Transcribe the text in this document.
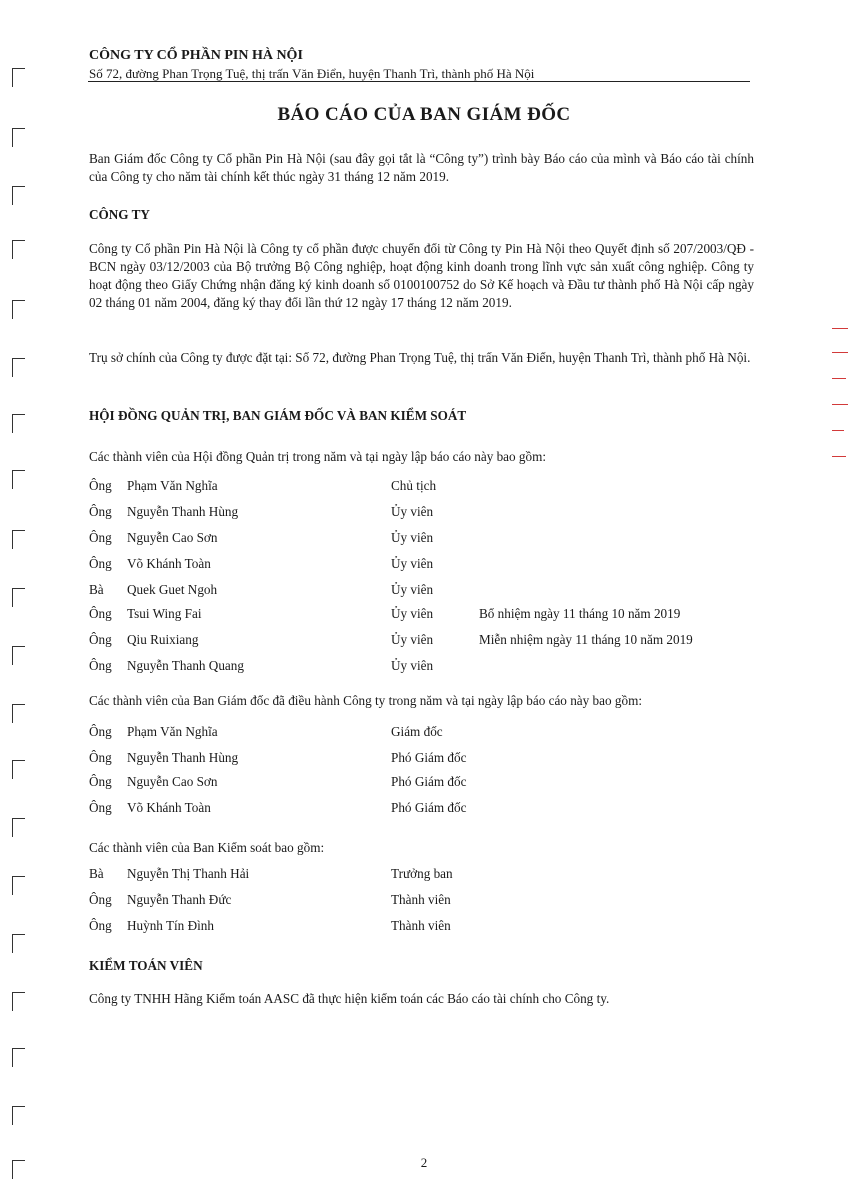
CÔNG TY CỔ PHẦN PIN HÀ NỘI
Số 72, đường Phan Trọng Tuệ, thị trấn Văn Điển, huyện Thanh Trì, thành phố Hà Nội
BÁO CÁO CỦA BAN GIÁM ĐỐC
Ban Giám đốc Công ty Cổ phần Pin Hà Nội (sau đây gọi tắt là “Công ty”) trình bày Báo cáo của mình và Báo cáo tài chính của Công ty cho năm tài chính kết thúc ngày 31 tháng 12 năm 2019.
CÔNG TY
Công ty Cổ phần Pin Hà Nội là Công ty cổ phần được chuyển đổi từ Công ty Pin Hà Nội theo Quyết định số 207/2003/QĐ - BCN ngày 03/12/2003 của Bộ trưởng Bộ Công nghiệp, hoạt động kinh doanh trong lĩnh vực sản xuất công nghiệp. Công ty hoạt động theo Giấy Chứng nhận đăng ký kinh doanh số 0100100752 do Sở Kế hoạch và Đầu tư thành phố Hà Nội cấp ngày 02 tháng 01 năm 2004, đăng ký thay đổi lần thứ 12 ngày 17 tháng 12 năm 2019.
Trụ sở chính của Công ty được đặt tại: Số 72, đường Phan Trọng Tuệ, thị trấn Văn Điển, huyện Thanh Trì, thành phố Hà Nội.
HỘI ĐỒNG QUẢN TRỊ, BAN GIÁM ĐỐC VÀ BAN KIỂM SOÁT
Các thành viên của Hội đồng Quản trị trong năm và tại ngày lập báo cáo này bao gồm:
Ông Phạm Văn Nghĩa	Chủ tịch
Ông Nguyễn Thanh Hùng	Ủy viên
Ông Nguyễn Cao Sơn	Ủy viên
Ông Võ Khánh Toàn	Ủy viên
Bà Quek Guet Ngoh	Ủy viên
Ông Tsui Wing Fai	Ủy viên	Bổ nhiệm ngày 11 tháng 10 năm 2019
Ông Qiu Ruixiang	Ủy viên	Miễn nhiệm ngày 11 tháng 10 năm 2019
Ông Nguyễn Thanh Quang	Ủy viên
Các thành viên của Ban Giám đốc đã điều hành Công ty trong năm và tại ngày lập báo cáo này bao gồm:
Ông Phạm Văn Nghĩa	Giám đốc
Ông Nguyễn Thanh Hùng	Phó Giám đốc
Ông Nguyễn Cao Sơn	Phó Giám đốc
Ông Võ Khánh Toàn	Phó Giám đốc
Các thành viên của Ban Kiểm soát bao gồm:
Bà Nguyễn Thị Thanh Hải	Trưởng ban
Ông Nguyễn Thanh Đức	Thành viên
Ông Huỳnh Tín Đình	Thành viên
KIỂM TOÁN VIÊN
Công ty TNHH Hãng Kiểm toán AASC đã thực hiện kiểm toán các Báo cáo tài chính cho Công ty.
2
